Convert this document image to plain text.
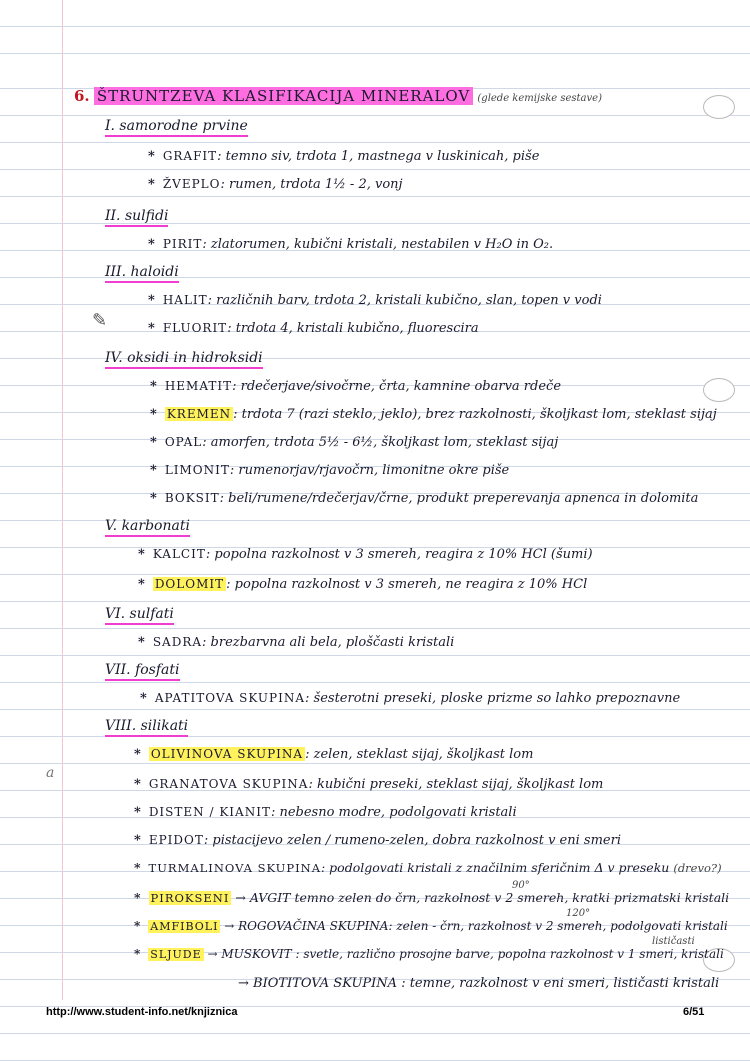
✎
a
6. ŠTRUNTZEVA KLASIFIKACIJA MINERALOV (glede kemijske sestave)
I. samorodne prvine
* GRAFIT: temno siv, trdota 1, mastnega v luskinicah, piše
* ŽVEPLO: rumen, trdota 1½ - 2, vonj
II. sulfidi
* PIRIT: zlatorumen, kubični kristali, nestabilen v H₂O in O₂.
III. haloidi
* HALIT: različnih barv, trdota 2, kristali kubično, slan, topen v vodi
* FLUORIT: trdota 4, kristali kubično, fluorescira
IV. oksidi in hidroksidi
* HEMATIT: rdečerjave/sivočrne, črta, kamnine obarva rdeče
* KREMEN : trdota 7 (razi steklo, jeklo), brez razkolnosti, školjkast lom, steklast sijaj
* OPAL: amorfen, trdota 5½ - 6½, školjkast lom, steklast sijaj
* LIMONIT: rumenorjav/rjavočrn, limonitne okre piše
* BOKSIT: beli/rumene/rdečerjav/črne, produkt preperevanja apnenca in dolomita
V. karbonati
* KALCIT: popolna razkolnost v 3 smereh, reagira z 10% HCl (šumi)
* DOLOMIT : popolna razkolnost v 3 smereh, ne reagira z 10% HCl
VI. sulfati
* SADRA: brezbarvna ali bela, ploščasti kristali
VII. fosfati
* APATITOVA SKUPINA: šesterotni preseki, ploske prizme so lahko prepoznavne
VIII. silikati
* OLIVINOVA SKUPINA : zelen, steklast sijaj, školjkast lom
* GRANATOVA SKUPINA: kubični preseki, steklast sijaj, školjkast lom
* DISTEN / KIANIT: nebesno modre, podolgovati kristali
* EPIDOT: pistacijevo zelen / rumeno-zelen, dobra razkolnost v eni smeri
* TURMALINOVA SKUPINA: podolgovati kristali z značilnim sferičnim Δ v preseku (drevo?)
90°
* PIROKSENI → AVGIT temno zelen do črn, razkolnost v 2 smereh, kratki prizmatski kristali
120°
* AMFIBOLI → ROGOVAČINA SKUPINA: zelen - črn, razkolnost v 2 smereh, podolgovati kristali
lističasti
* SLJUDE → MUSKOVIT : svetle, različno prosojne barve, popolna razkolnost v 1 smeri, kristali
→ BIOTITOVA SKUPINA : temne, razkolnost v eni smeri, lističasti kristali
http://www.student-info.net/knjiznica	6/51
